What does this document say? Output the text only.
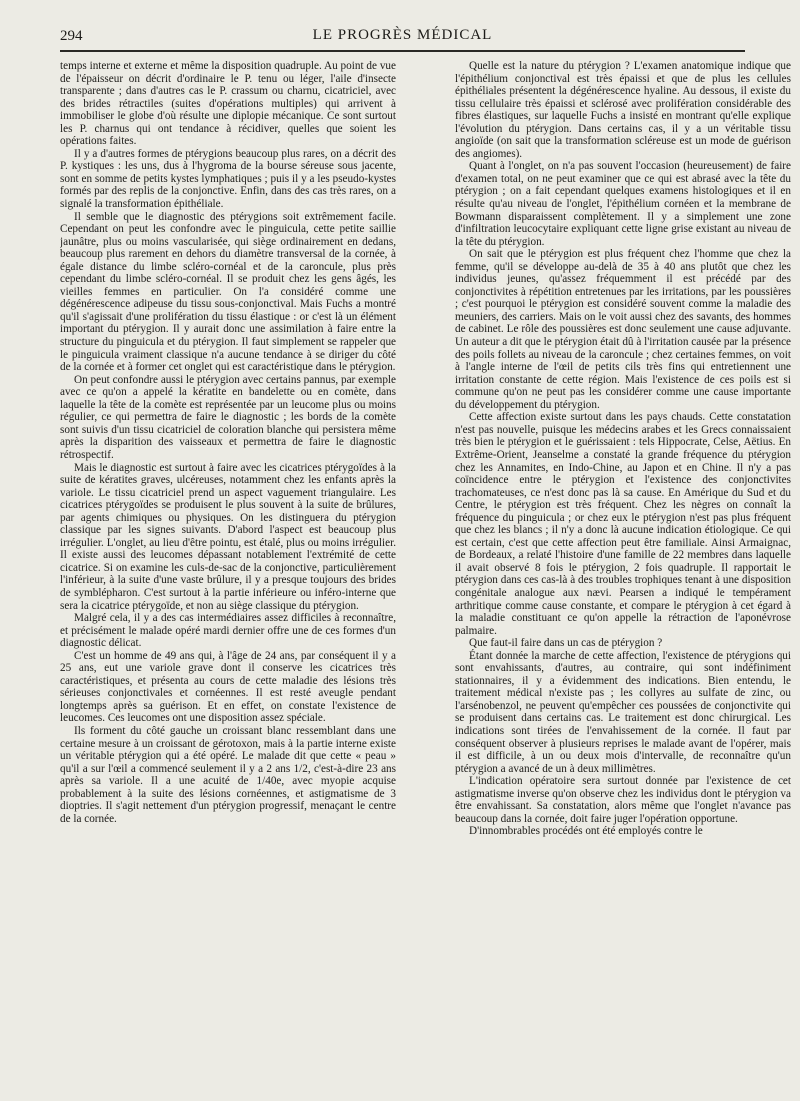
294	LE PROGRÈS MÉDICAL

temps interne et externe et même la disposition quadruple. Au point de vue de l'épaisseur on décrit d'ordinaire le P. tenu ou léger, l'aile d'insecte transparente ; dans d'autres cas le P. crassum ou charnu, cicatriciel, avec des brides rétractiles (suites d'opérations multiples) qui arrivent à immobiliser le globe d'où résulte une diplopie mécanique. Ce sont surtout les P. charnus qui ont tendance à récidiver, quelles que soient les opérations faites.

Il y a d'autres formes de ptérygions beaucoup plus rares, on a décrit des P. kystiques : les uns, dus à l'hygroma de la bourse séreuse sous jacente, sont en somme de petits kystes lymphatiques ; puis il y a les pseudo-kystes formés par des replis de la conjonctive. Enfin, dans des cas très rares, on a signalé la transformation épithéliale.

Il semble que le diagnostic des ptérygions soit extrêmement facile. Cependant on peut les confondre avec le pinguicula, cette petite saillie jaunâtre, plus ou moins vascularisée, qui siège ordinairement en dedans, beaucoup plus rarement en dehors du diamètre transversal de la cornée, à égale distance du limbe scléro-cornéal et de la caroncule, plus près cependant du limbe scléro-cornéal. Il se produit chez les gens âgés, les vieilles femmes en particulier. On l'a considéré comme une dégénérescence adipeuse du tissu sous-conjonctival. Mais Fuchs a montré qu'il s'agissait d'une prolifération du tissu élastique : or c'est là un élément important du ptérygion. Il y aurait donc une assimilation à faire entre la structure du pinguicula et du ptérygion. Il faut simplement se rappeler que le pinguicula vraiment classique n'a aucune tendance à se diriger du côté de la cornée et à former cet onglet qui est caractéristique dans le ptérygion.

On peut confondre aussi le ptérygion avec certains pannus, par exemple avec ce qu'on a appelé la kératite en bandelette ou en comète, dans laquelle la tête de la comète est représentée par un leucome plus ou moins régulier, ce qui permettra de faire le diagnostic ; les bords de la comète sont suivis d'un tissu cicatriciel de coloration blanche qui persistera même après la disparition des vaisseaux et permettra de faire le diagnostic rétrospectif.

Mais le diagnostic est surtout à faire avec les cicatrices ptérygoïdes à la suite de kératites graves, ulcéreuses, notamment chez les enfants après la variole. Le tissu cicatriciel prend un aspect vaguement triangulaire. Les cicatrices ptérygoïdes se produisent le plus souvent à la suite de brûlures, par agents chimiques ou physiques. On les distinguera du ptérygion classique par les signes suivants. D'abord l'aspect est beaucoup plus irrégulier. L'onglet, au lieu d'être pointu, est étalé, plus ou moins irrégulier. Il existe aussi des leucomes dépassant notablement l'extrémité de cette cicatrice. Si on examine les culs-de-sac de la conjonctive, particulièrement l'inférieur, à la suite d'une vaste brûlure, il y a presque toujours des brides de symblépharon. C'est surtout à la partie inférieure ou inféro-interne que sera la cicatrice ptérygoïde, et non au siège classique du ptérygion.

Malgré cela, il y a des cas intermédiaires assez difficiles à reconnaître, et précisément le malade opéré mardi dernier offre une de ces formes d'un diagnostic délicat.

C'est un homme de 49 ans qui, à l'âge de 24 ans, par conséquent il y a 25 ans, eut une variole grave dont il conserve les cicatrices très caractéristiques, et présenta au cours de cette maladie des lésions très sérieuses conjonctivales et cornéennes. Il est resté aveugle pendant longtemps après sa guérison. Et en effet, on constate l'existence de leucomes. Ces leucomes ont une disposition assez spéciale.

Ils forment du côté gauche un croissant blanc ressemblant dans une certaine mesure à un croissant de gérotoxon, mais à la partie interne existe un véritable ptérygion qui a été opéré. Le malade dit que cette « peau » qu'il a sur l'œil a commencé seulement il y a 2 ans 1/2, c'est-à-dire 23 ans après sa variole. Il a une acuité de 1/40e, avec myopie acquise probablement à la suite des lésions cornéennes, et astigmatisme de 3 dioptries. Il s'agit nettement d'un ptérygion progressif, menaçant le centre de la cornée.

Quelle est la nature du ptérygion ? L'examen anatomique indique que l'épithélium conjonctival est très épaissi et que de plus les cellules épithéliales présentent la dégénérescence hyaline. Au dessous, il existe du tissu cellulaire très épaissi et sclérosé avec prolifération considérable des fibres élastiques, sur laquelle Fuchs a insisté en montrant qu'elle explique l'évolution du ptérygion. Dans certains cas, il y a un véritable tissu angioïde (on sait que la transformation scléreuse est un mode de guérison des angiomes).

Quant à l'onglet, on n'a pas souvent l'occasion (heureusement) de faire d'examen total, on ne peut examiner que ce qui est abrasé avec la tête du ptérygion ; on a fait cependant quelques examens histologiques et il en résulte qu'au niveau de l'onglet, l'épithélium cornéen et la membrane de Bowmann disparaissent complètement. Il y a simplement une zone d'infiltration leucocytaire expliquant cette ligne grise existant au niveau de la tête du ptérygion.

On sait que le ptérygion est plus fréquent chez l'homme que chez la femme, qu'il se développe au-delà de 35 à 40 ans plutôt que chez les individus jeunes, qu'assez fréquemment il est précédé par des conjonctivites à répétition entretenues par les irritations, par les poussières ; c'est pourquoi le ptérygion est considéré souvent comme la maladie des meuniers, des carriers. Mais on le voit aussi chez des savants, des hommes de cabinet. Le rôle des poussières est donc seulement une cause adjuvante. Un auteur a dit que le ptérygion était dû à l'irritation causée par la présence des poils follets au niveau de la caroncule ; chez certaines femmes, on voit à l'angle interne de l'œil de petits cils très fins qui entretiennent une irritation constante de cette région. Mais l'existence de ces poils est si commune qu'on ne peut pas les considérer comme une cause importante du développement du ptérygion.

Cette affection existe surtout dans les pays chauds. Cette constatation n'est pas nouvelle, puisque les médecins arabes et les Grecs connaissaient très bien le ptérygion et le guérissaient : tels Hippocrate, Celse, Aëtius. En Extrême-Orient, Jeanselme a constaté la grande fréquence du ptérygion chez les Annamites, en Indo-Chine, au Japon et en Chine. Il n'y a pas coïncidence entre le ptérygion et l'existence des conjonctivites trachomateuses, ce n'est donc pas là sa cause. En Amérique du Sud et du Centre, le ptérygion est très fréquent. Chez les nègres on connaît la fréquence du pinguicula ; or chez eux le ptérygion n'est pas plus fréquent que chez les blancs ; il n'y a donc là aucune indication étiologique. Ce qui est certain, c'est que cette affection peut être familiale. Ainsi Armaignac, de Bordeaux, a relaté l'histoire d'une famille de 22 membres dans laquelle il avait observé 8 fois le ptérygion, 2 fois quadruple. Il rapportait le ptérygion dans ces cas-là à des troubles trophiques tenant à une disposition congénitale analogue aux nævi. Pearsen a indiqué le tempérament arthritique comme cause constante, et compare le ptérygion à cet égard à la maladie constituant ce qu'on appelle la rétraction de l'aponévrose palmaire.

Que faut-il faire dans un cas de ptérygion ?

Étant donnée la marche de cette affection, l'existence de ptérygions qui sont envahissants, d'autres, au contraire, qui sont indéfiniment stationnaires, il y a évidemment des indications. Bien entendu, le traitement médical n'existe pas ; les collyres au sulfate de zinc, ou l'arsénobenzol, ne peuvent qu'empêcher ces poussées de conjonctivite qui se produisent dans certains cas. Le traitement est donc chirurgical. Les indications sont tirées de l'envahissement de la cornée. Il faut par conséquent observer à plusieurs reprises le malade avant de l'opérer, mais il est difficile, à un ou deux mois d'intervalle, de reconnaître qu'un ptérygion a avancé de un à deux millimètres.

L'indication opératoire sera surtout donnée par l'existence de cet astigmatisme inverse qu'on observe chez les individus dont le ptérygion va être envahissant. Sa constatation, alors même que l'onglet n'avance pas beaucoup dans la cornée, doit faire juger l'opération opportune.

D'innombrables procédés ont été employés contre le
